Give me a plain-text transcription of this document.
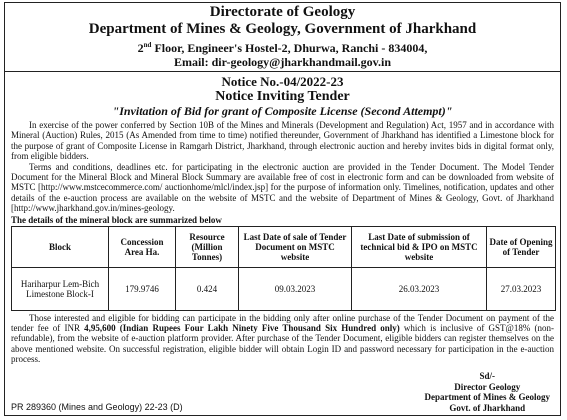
Directorate of Geology
Department of Mines & Geology, Government of Jharkhand
2nd Floor, Engineer's Hostel-2, Dhurwa, Ranchi - 834004,
Email: dir-geology@jharkhandmail.gov.in
Notice No.-04/2022-23
Notice Inviting Tender
"Invitation of Bid for grant of Composite License (Second Attempt)"
In exercise of the power conferred by Section 10B of the Mines and Minerals (Development and Regulation) Act, 1957 and in accordance with Mineral (Auction) Rules, 2015 (As Amended from time to time) notified thereunder, Government of Jharkhand has identified a Limestone block for the purpose of grant of Composite License in Ramgarh District, Jharkhand, through electronic auction and hereby invites bids in digital format only, from eligible bidders.
Terms and conditions, deadlines etc. for participating in the electronic auction are provided in the Tender Document. The Model Tender Document for the Mineral Block and Mineral Block Summary are available free of cost in electronic form and can be downloaded from website of MSTC [http://www.mstcecommerce.com/ auctionhome/mlcl/index.jsp] for the purpose of information only. Timelines, notification, updates and other details of the e-auction process are available on the website of MSTC and the website of Department of Mines & Geology, Govt. of Jharkhand [http://www.jharkhand.gov.in/mines-geology.
The details of the mineral block are summarized below
Block	Concession Area Ha.	Resource (Million Tonnes)	Last Date of sale of Tender Document on MSTC website	Last Date of submission of technical bid & IPO on MSTC website	Date of Opening of Tender
Hariharpur Lem-Bich Limestone Block-I	179.9746	0.424	09.03.2023	26.03.2023	27.03.2023
Those interested and eligible for bidding can participate in the bidding only after online purchase of the Tender Document on payment of the tender fee of INR 4,95,600 (Indian Rupees Four Lakh Ninety Five Thousand Six Hundred only) which is inclusive of GST@18% (non-refundable), from the website of e-auction platform provider. After purchase of the Tender Document, eligible bidders can register themselves on the above mentioned website. On successful registration, eligible bidder will obtain Login ID and password necessary for participation in the e-auction process.
Sd/-
Director Geology
Department of Mines & Geology
Govt. of Jharkhand
PR 289360 (Mines and Geology) 22-23 (D)
